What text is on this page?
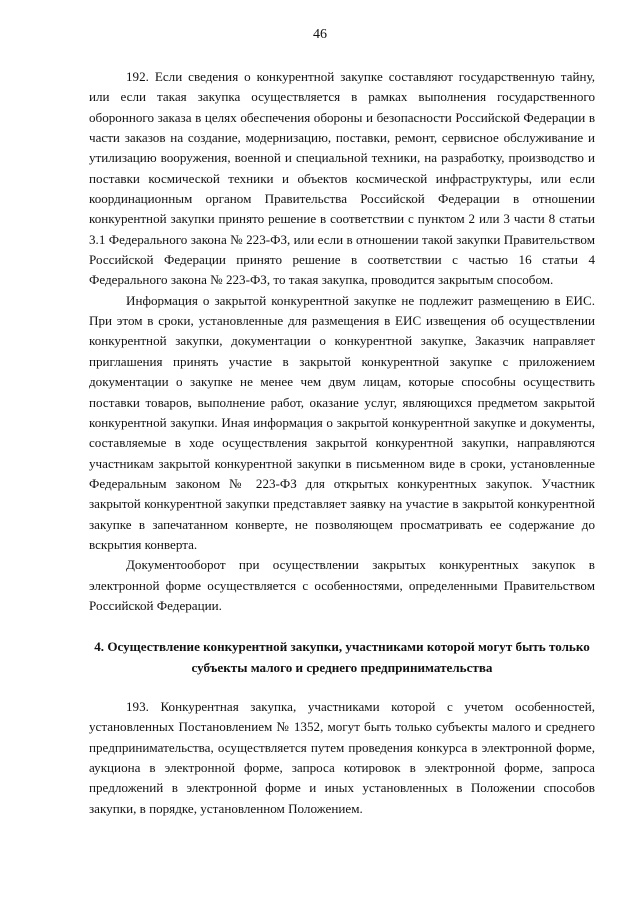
46

192. Если сведения о конкурентной закупке составляют государственную тайну, или если такая закупка осуществляется в рамках выполнения государственного оборонного заказа в целях обеспечения обороны и безопасности Российской Федерации в части заказов на создание, модернизацию, поставки, ремонт, сервисное обслуживание и утилизацию вооружения, военной и специальной техники, на разработку, производство и поставки космической техники и объектов космической инфраструктуры, или если координационным органом Правительства Российской Федерации в отношении конкурентной закупки принято решение в соответствии с пунктом 2 или 3 части 8 статьи 3.1 Федерального закона № 223-ФЗ, или если в отношении такой закупки Правительством Российской Федерации принято решение в соответствии с частью 16 статьи 4 Федерального закона № 223-ФЗ, то такая закупка, проводится закрытым способом.

Информация о закрытой конкурентной закупке не подлежит размещению в ЕИС. При этом в сроки, установленные для размещения в ЕИС извещения об осуществлении конкурентной закупки, документации о конкурентной закупке, Заказчик направляет приглашения принять участие в закрытой конкурентной закупке с приложением документации о закупке не менее чем двум лицам, которые способны осуществить поставки товаров, выполнение работ, оказание услуг, являющихся предметом закрытой конкурентной закупки. Иная информация о закрытой конкурентной закупке и документы, составляемые в ходе осуществления закрытой конкурентной закупки, направляются участникам закрытой конкурентной закупки в письменном виде в сроки, установленные Федеральным законом № 223-ФЗ для открытых конкурентных закупок. Участник закрытой конкурентной закупки представляет заявку на участие в закрытой конкурентной закупке в запечатанном конверте, не позволяющем просматривать ее содержание до вскрытия конверта.

Документооборот при осуществлении закрытых конкурентных закупок в электронной форме осуществляется с особенностями, определенными Правительством Российской Федерации.

4. Осуществление конкурентной закупки, участниками которой могут быть только субъекты малого и среднего предпринимательства

193. Конкурентная закупка, участниками которой с учетом особенностей, установленных Постановлением № 1352, могут быть только субъекты малого и среднего предпринимательства, осуществляется путем проведения конкурса в электронной форме, аукциона в электронной форме, запроса котировок в электронной форме, запроса предложений в электронной форме и иных установленных в Положении способов закупки, в порядке, установленном Положением.
